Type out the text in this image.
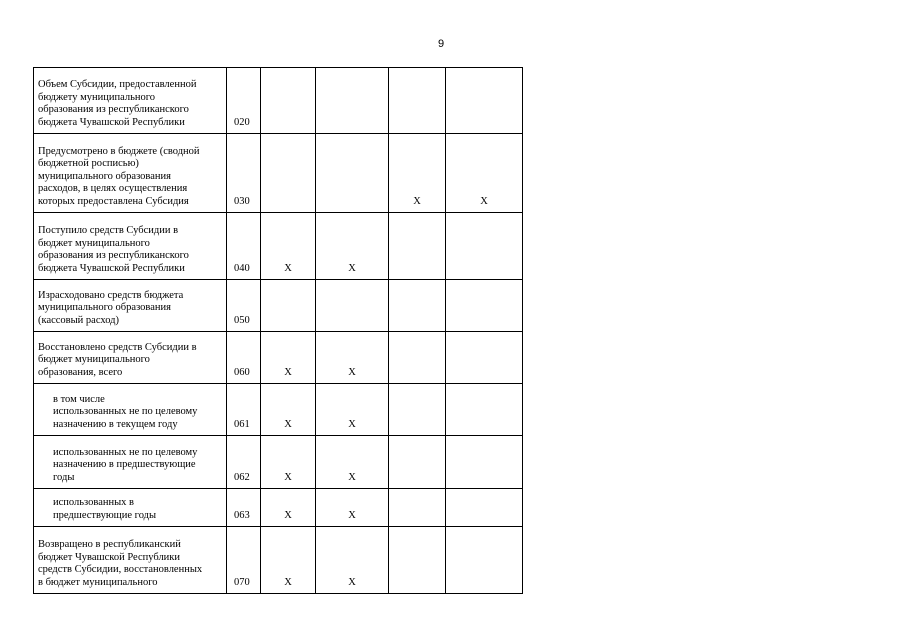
9
Объем Субсидии, предоставленной
бюджету муниципального
образования из республиканского
бюджета Чувашской Республики	020				

Предусмотрено в бюджете (сводной
бюджетной росписью)
муниципального образования
расходов, в целях осуществления
которых предоставлена Субсидия	030			X	X

Поступило средств Субсидии в
бюджет муниципального
образования из республиканского
бюджета Чувашской Республики	040	X	X		

Израсходовано средств бюджета
муниципального образования
(кассовый расход)	050				

Восстановлено средств Субсидии в
бюджет муниципального
образования, всего	060	X	X		

в том числе
использованных не по целевому
назначению в текущем году	061	X	X		

использованных не по целевому
назначению в предшествующие
годы	062	X	X		

использованных в
предшествующие годы	063	X	X		

Возвращено в республиканский
бюджет Чувашской Республики
средств Субсидии, восстановленных
в бюджет муниципального	070	X	X		
